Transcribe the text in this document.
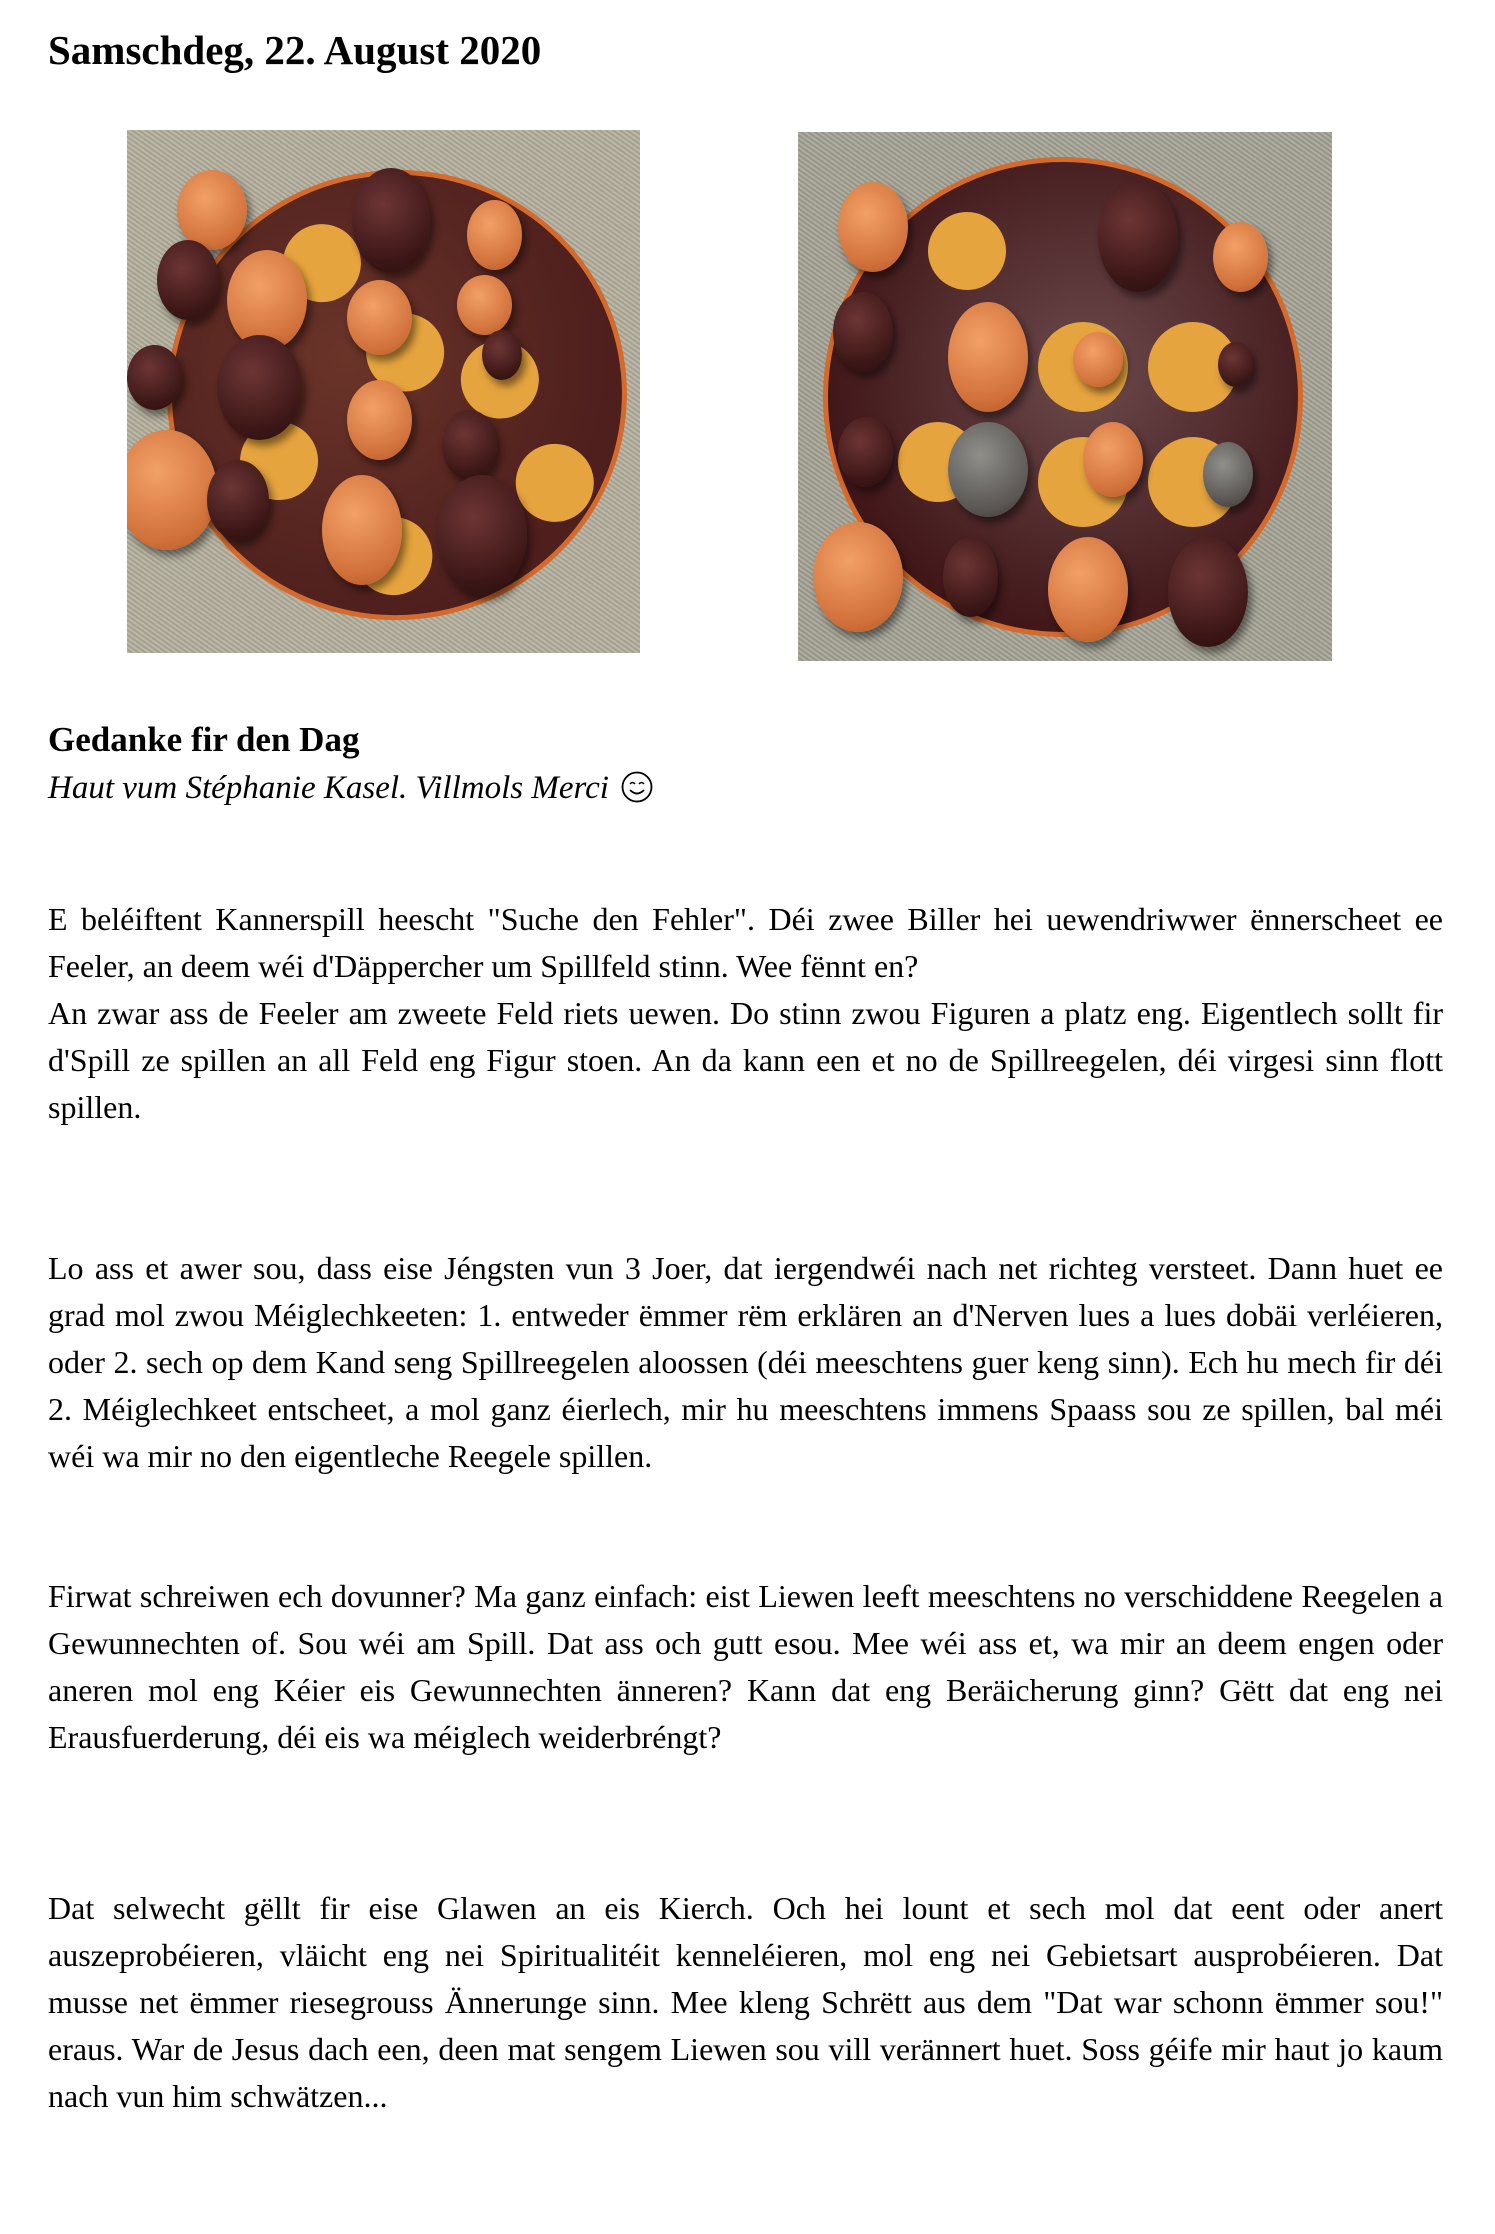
Samschdeg, 22. August 2020
Gedanke fir den Dag

Haut vum Stéphanie Kasel. Villmols Merci

E beléiftent Kannerspill heescht "Suche den Fehler". Déi zwee Biller hei uewendriwwer ënnerscheet ee Feeler, an deem wéi d'Däppercher um Spillfeld stinn. Wee fënnt en?
An zwar ass de Feeler am zweete Feld riets uewen. Do stinn zwou Figuren a platz eng. Eigentlech sollt fir d'Spill ze spillen an all Feld eng Figur stoen. An da kann een et no de Spillreegelen, déi virgesi sinn flott spillen.
Lo ass et awer sou, dass eise Jéngsten vun 3 Joer, dat iergendwéi nach net richteg versteet. Dann huet ee grad mol zwou Méiglechkeeten: 1. entweder ëmmer rëm erklären an d'Nerven lues a lues dobäi verléieren, oder 2. sech op dem Kand seng Spillreegelen aloossen (déi meeschtens guer keng sinn). Ech hu mech fir déi 2. Méiglechkeet entscheet, a mol ganz éierlech, mir hu meeschtens immens Spaass sou ze spillen, bal méi wéi wa mir no den eigentleche Reegele spillen.
Firwat schreiwen ech dovunner? Ma ganz einfach: eist Liewen leeft meeschtens no verschiddene Reegelen a Gewunnechten of. Sou wéi am Spill. Dat ass och gutt esou. Mee wéi ass et, wa mir an deem engen oder aneren mol eng Kéier eis Gewunnechten änneren? Kann dat eng Beräicherung ginn? Gëtt dat eng nei Erausfuerderung, déi eis wa méiglech weiderbréngt?
Dat selwecht gëllt fir eise Glawen an eis Kierch. Och hei lount et sech mol dat eent oder anert auszeprobéieren, vläicht eng nei Spiritualitéit kenneléieren, mol eng nei Gebietsart ausprobéieren. Dat musse net ëmmer riesegrouss Ännerunge sinn. Mee kleng Schrëtt aus dem "Dat war schonn ëmmer sou!" eraus. War de Jesus dach een, deen mat sengem Liewen sou vill verännert huet. Soss géife mir haut jo kaum nach vun him schwätzen...
